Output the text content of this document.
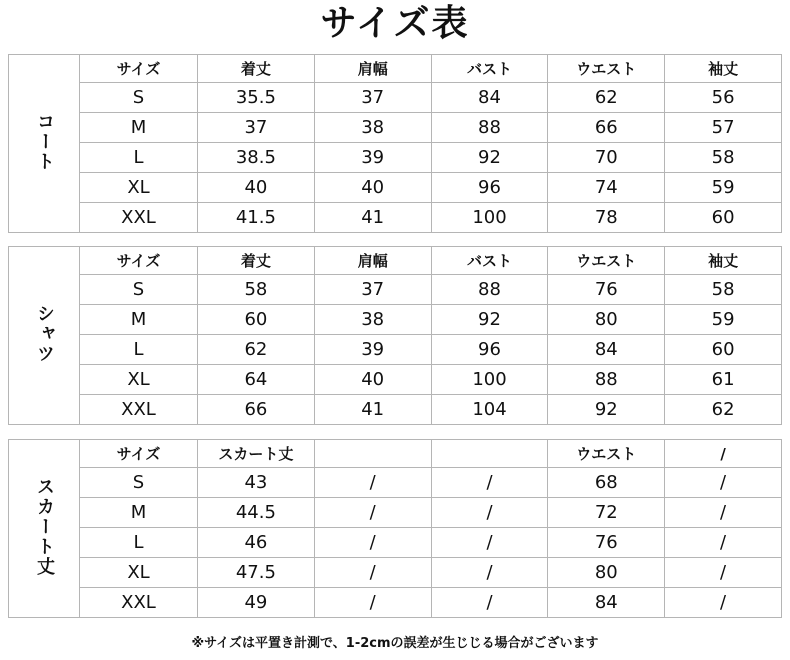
サイズ表
コート	サイズ	着丈	肩幅	バスト	ウエスト	袖丈
	S	35.5	37	84	62	56
	M	37	38	88	66	57
	L	38.5	39	92	70	58
	XL	40	40	96	74	59
	XXL	41.5	41	100	78	60
シャツ	サイズ	着丈	肩幅	バスト	ウエスト	袖丈
	S	58	37	88	76	58
	M	60	38	92	80	59
	L	62	39	96	84	60
	XL	64	40	100	88	61
	XXL	66	41	104	92	62
スカート丈	サイズ	スカート丈			ウエスト	/
	S	43	/	/	68	/
	M	44.5	/	/	72	/
	L	46	/	/	76	/
	XL	47.5	/	/	80	/
	XXL	49	/	/	84	/
※サイズは平置き計測で、1-2cmの誤差が生じじる場合がございます
